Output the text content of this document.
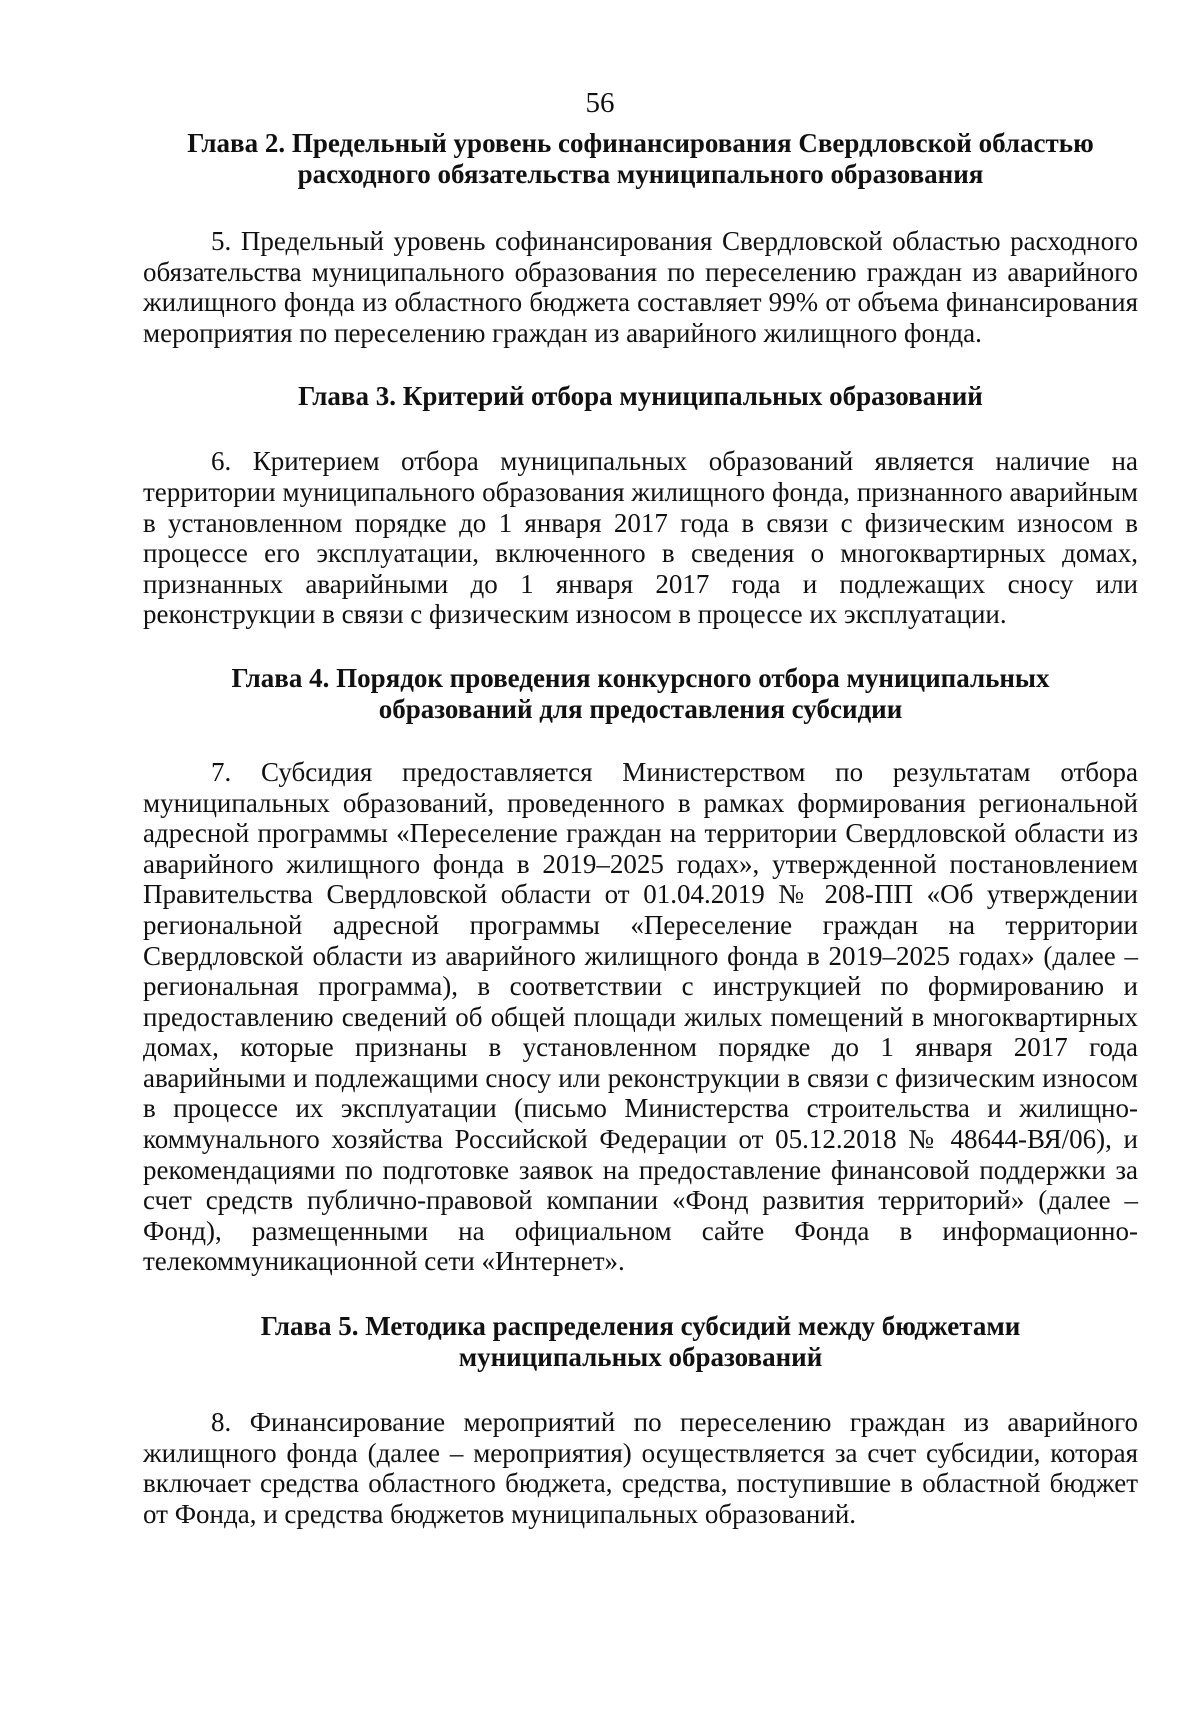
56
Глава 2. Предельный уровень софинансирования Свердловской областью
расходного обязательства муниципального образования

5. Предельный уровень софинансирования Свердловской областью расходного обязательства муниципального образования по переселению граждан из аварийного жилищного фонда из областного бюджета составляет 99% от объема финансирования мероприятия по переселению граждан из аварийного жилищного фонда.

Глава 3. Критерий отбора муниципальных образований

6. Критерием отбора муниципальных образований является наличие на территории муниципального образования жилищного фонда, признанного аварийным в установленном порядке до 1 января 2017 года в связи с физическим износом в процессе его эксплуатации, включенного в сведения о многоквартирных домах, признанных аварийными до 1 января 2017 года и подлежащих сносу или реконструкции в связи с физическим износом в процессе их эксплуатации.

Глава 4. Порядок проведения конкурсного отбора муниципальных
образований для предоставления субсидии

7. Субсидия предоставляется Министерством по результатам отбора муниципальных образований, проведенного в рамках формирования региональной адресной программы «Переселение граждан на территории Свердловской области из аварийного жилищного фонда в 2019–2025 годах», утвержденной постановлением Правительства Свердловской области от 01.04.2019 № 208-ПП «Об утверждении региональной адресной программы «Переселение граждан на территории Свердловской области из аварийного жилищного фонда в 2019–2025 годах» (далее – региональная программа), в соответствии с инструкцией по формированию и предоставлению сведений об общей площади жилых помещений в многоквартирных домах, которые признаны в установленном порядке до 1 января 2017 года аварийными и подлежащими сносу или реконструкции в связи с физическим износом в процессе их эксплуатации (письмо Министерства строительства и жилищно-коммунального хозяйства Российской Федерации от 05.12.2018 № 48644-ВЯ/06), и рекомендациями по подготовке заявок на предоставление финансовой поддержки за счет средств публично-правовой компании «Фонд развития территорий» (далее – Фонд), размещенными на официальном сайте Фонда в информационно-телекоммуникационной сети «Интернет».

Глава 5. Методика распределения субсидий между бюджетами
муниципальных образований

8. Финансирование мероприятий по переселению граждан из аварийного жилищного фонда (далее – мероприятия) осуществляется за счет субсидии, которая включает средства областного бюджета, средства, поступившие в областной бюджет от Фонда, и средства бюджетов муниципальных образований.
